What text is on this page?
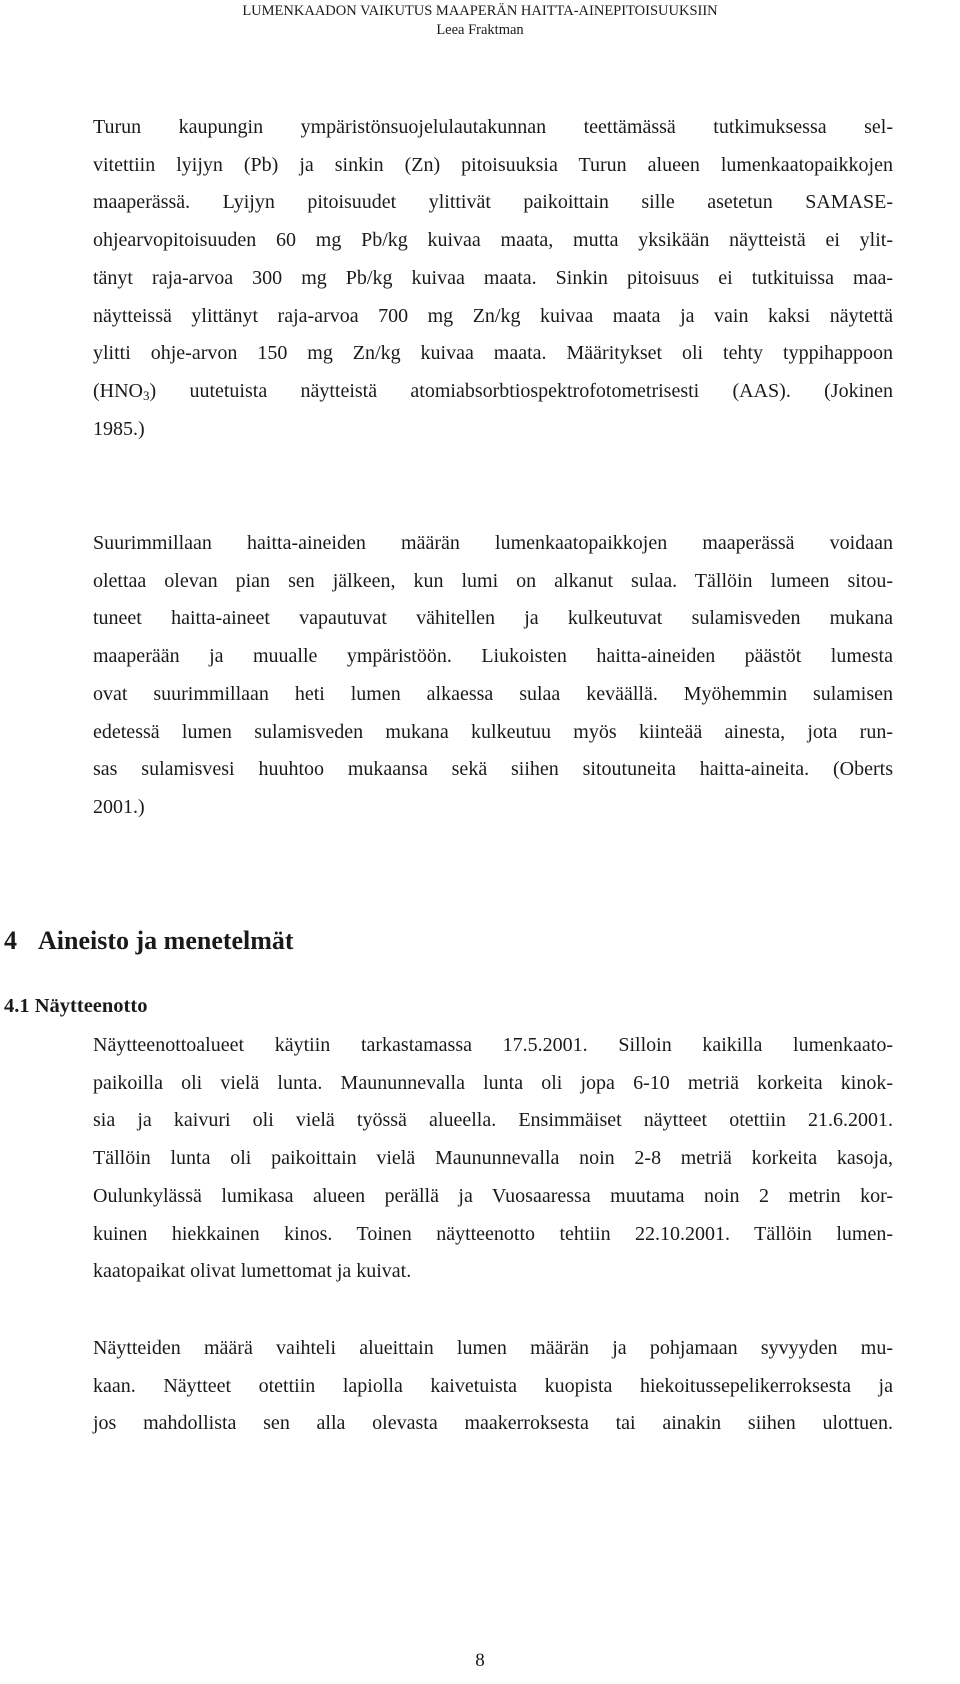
LUMENKAADON VAIKUTUS MAAPERÄN HAITTA-AINEPITOISUUKSIIN
Leea Fraktman
Turun kaupungin ympäristönsuojelulautakunnan teettämässä tutkimuksessa sel-
vitettiin lyijyn (Pb) ja sinkin (Zn) pitoisuuksia Turun alueen lumenkaatopaikkojen
maaperässä. Lyijyn pitoisuudet ylittivät paikoittain sille asetetun SAMASE-
ohjearvopitoisuuden 60 mg Pb/kg kuivaa maata, mutta yksikään näytteistä ei ylit-
tänyt raja-arvoa 300 mg Pb/kg kuivaa maata. Sinkin pitoisuus ei tutkituissa maa-
näytteissä ylittänyt raja-arvoa 700 mg Zn/kg kuivaa maata ja vain kaksi näytettä
ylitti ohje-arvon 150 mg Zn/kg kuivaa maata. Määritykset oli tehty typpihappoon
$(HNO_3)$ uutetuista näytteistä atomiabsorbtiospektrofotometrisesti (AAS). (Jokinen
1985.)
Suurimmillaan haitta-aineiden määrän lumenkaatopaikkojen maaperässä voidaan
olettaa olevan pian sen jälkeen, kun lumi on alkanut sulaa. Tällöin lumeen sitou-
tuneet haitta-aineet vapautuvat vähitellen ja kulkeutuvat sulamisveden mukana
maaperään ja muualle ympäristöön. Liukoisten haitta-aineiden päästöt lumesta
ovat suurimmillaan heti lumen alkaessa sulaa keväällä. Myöhemmin sulamisen
edetessä lumen sulamisveden mukana kulkeutuu myös kiinteää ainesta, jota run-
sas sulamisvesi huuhtoo mukaansa sekä siihen sitoutuneita haitta-aineita. (Oberts
2001.)
4 Aineisto ja menetelmät
4.1 Näytteenotto
Näytteenottoalueet käytiin tarkastamassa 17.5.2001. Silloin kaikilla lumenkaato-
paikoilla oli vielä lunta. Maununnevalla lunta oli jopa 6-10 metriä korkeita kinok-
sia ja kaivuri oli vielä työssä alueella. Ensimmäiset näytteet otettiin 21.6.2001.
Tällöin lunta oli paikoittain vielä Maununnevalla noin 2-8 metriä korkeita kasoja,
Oulunkylässä lumikasa alueen perällä ja Vuosaaressa muutama noin 2 metrin kor-
kuinen hiekkainen kinos. Toinen näytteenotto tehtiin 22.10.2001. Tällöin lumen-
kaatopaikat olivat lumettomat ja kuivat.
Näytteiden määrä vaihteli alueittain lumen määrän ja pohjamaan syvyyden mu-
kaan. Näytteet otettiin lapiolla kaivetuista kuopista hiekoitussepelikerroksesta ja
jos mahdollista sen alla olevasta maakerroksesta tai ainakin siihen ulottuen.
8
